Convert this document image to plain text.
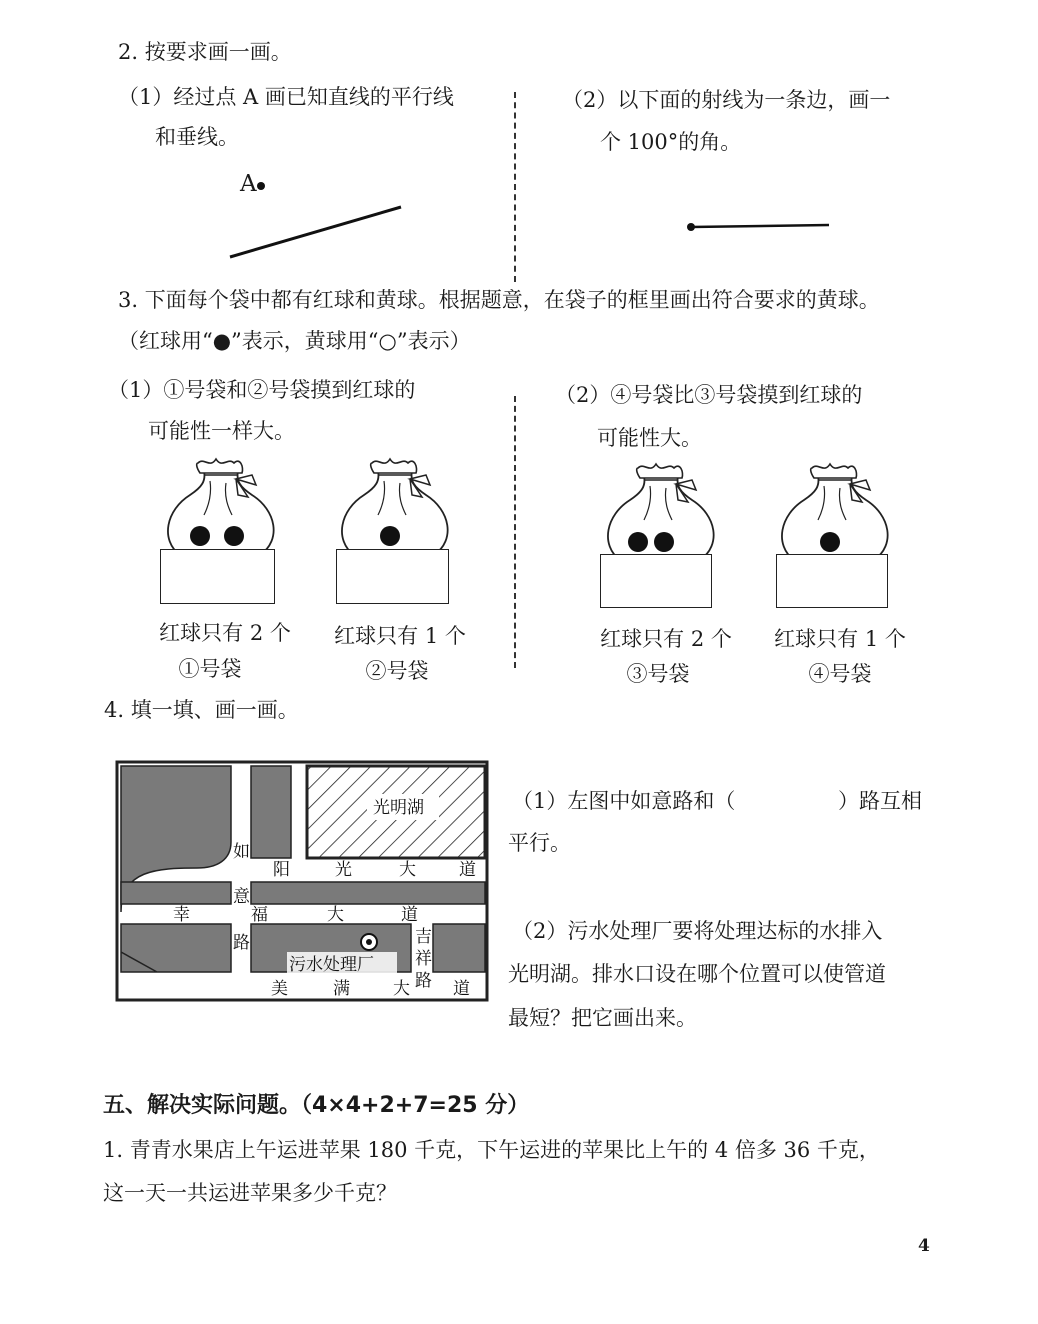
2. 按要求画一画。
（1）经过点 A 画已知直线的平行线
和垂线。
A
（2）以下面的射线为一条边，画一
个 100°的角。
3. 下面每个袋中都有红球和黄球。根据题意，在袋子的框里画出符合要求的黄球。
（红球用“●”表示，黄球用“○”表示）
（1）①号袋和②号袋摸到红球的
可能性一样大。
（2）④号袋比③号袋摸到红球的
可能性大。
红球只有 2 个
①号袋
红球只有 1 个
②号袋
红球只有 2 个
③号袋
红球只有 1 个
④号袋
4. 填一填、画一画。
光明湖
污水处理厂
如
意
路
阳	光	大	道
幸	福	大	道
美	满	大	道
吉
祥
路
（1）左图中如意路和（	）路互相
平行。
（2）污水处理厂要将处理达标的水排入
光明湖。排水口设在哪个位置可以使管道
最短？把它画出来。
五、解决实际问题。（4×4+2+7=25 分）
1. 青青水果店上午运进苹果 180 千克，下午运进的苹果比上午的 4 倍多 36 千克，
这一天一共运进苹果多少千克？
4
